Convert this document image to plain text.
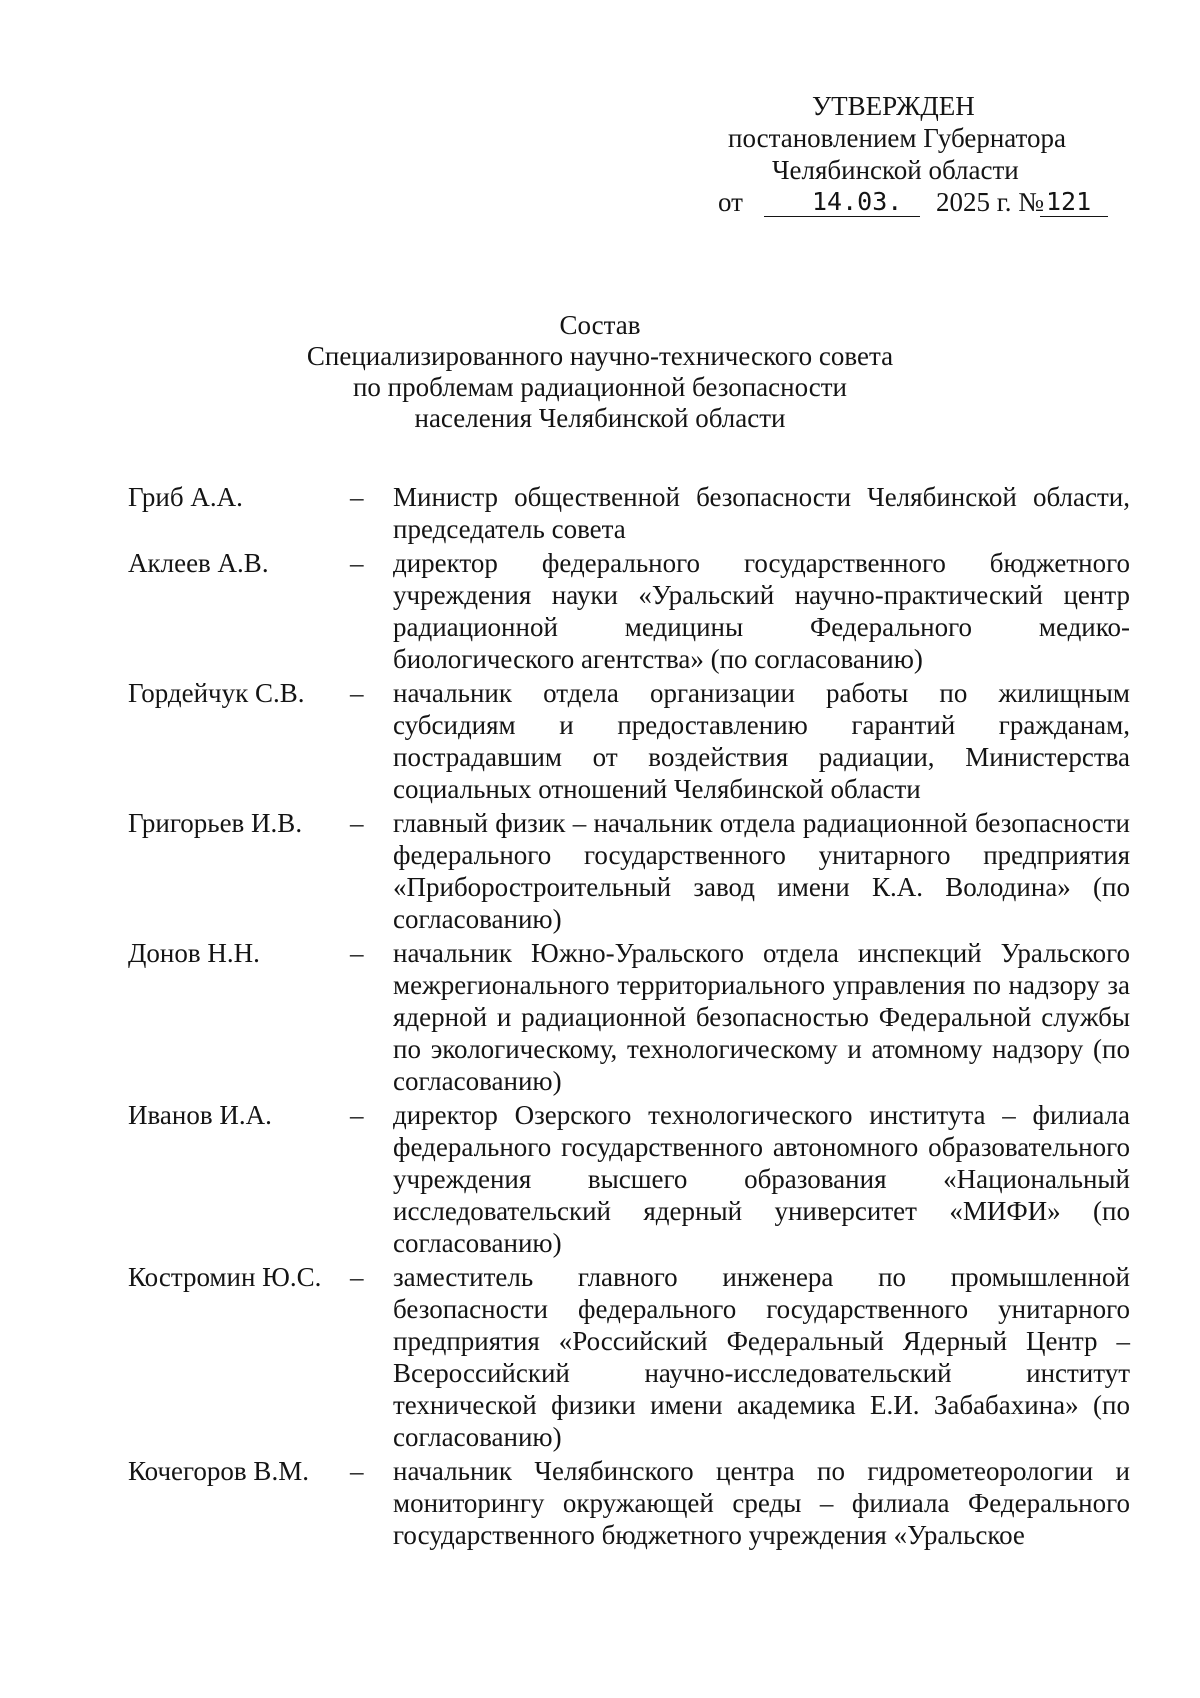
УТВЕРЖДЕН
постановлением Губернатора
Челябинской области
от	14.03. 2025 г. № 121
Состав
Специализированного научно-технического совета
по проблемам радиационной безопасности
населения Челябинской области
Гриб А.А.	– Министр общественной безопасности Челябинской области, председатель совета
Аклеев А.В.	– директор федерального государственного бюджетного учреждения науки «Уральский научно-практический центр радиационной медицины Федерального медико-биологического агентства» (по согласованию)
Гордейчук С.В. – начальник отдела организации работы по жилищным субсидиям и предоставлению гарантий гражданам, пострадавшим от воздействия радиации, Министерства социальных отношений Челябинской области
Григорьев И.В. – главный физик – начальник отдела радиационной безопасности федерального государственного унитарного предприятия «Приборостроительный завод имени К.А. Володина» (по согласованию)
Донов Н.Н.	– начальник Южно-Уральского отдела инспекций Уральского межрегионального территориального управления по надзору за ядерной и радиационной безопасностью Федеральной службы по экологическому, технологическому и атомному надзору (по согласованию)
Иванов И.А.	– директор Озерского технологического института – филиала федерального государственного автономного образовательного учреждения высшего образования «Национальный исследовательский ядерный университет «МИФИ» (по согласованию)
Костромин Ю.С. – заместитель главного инженера по промышленной безопасности федерального государственного унитарного предприятия «Российский Федеральный Ядерный Центр – Всероссийский научно-исследовательский институт технической физики имени академика Е.И. Забабахина» (по согласованию)
Кочегоров В.М. – начальник Челябинского центра по гидрометеорологии и мониторингу окружающей среды – филиала Федерального государственного бюджетного учреждения «Уральское
